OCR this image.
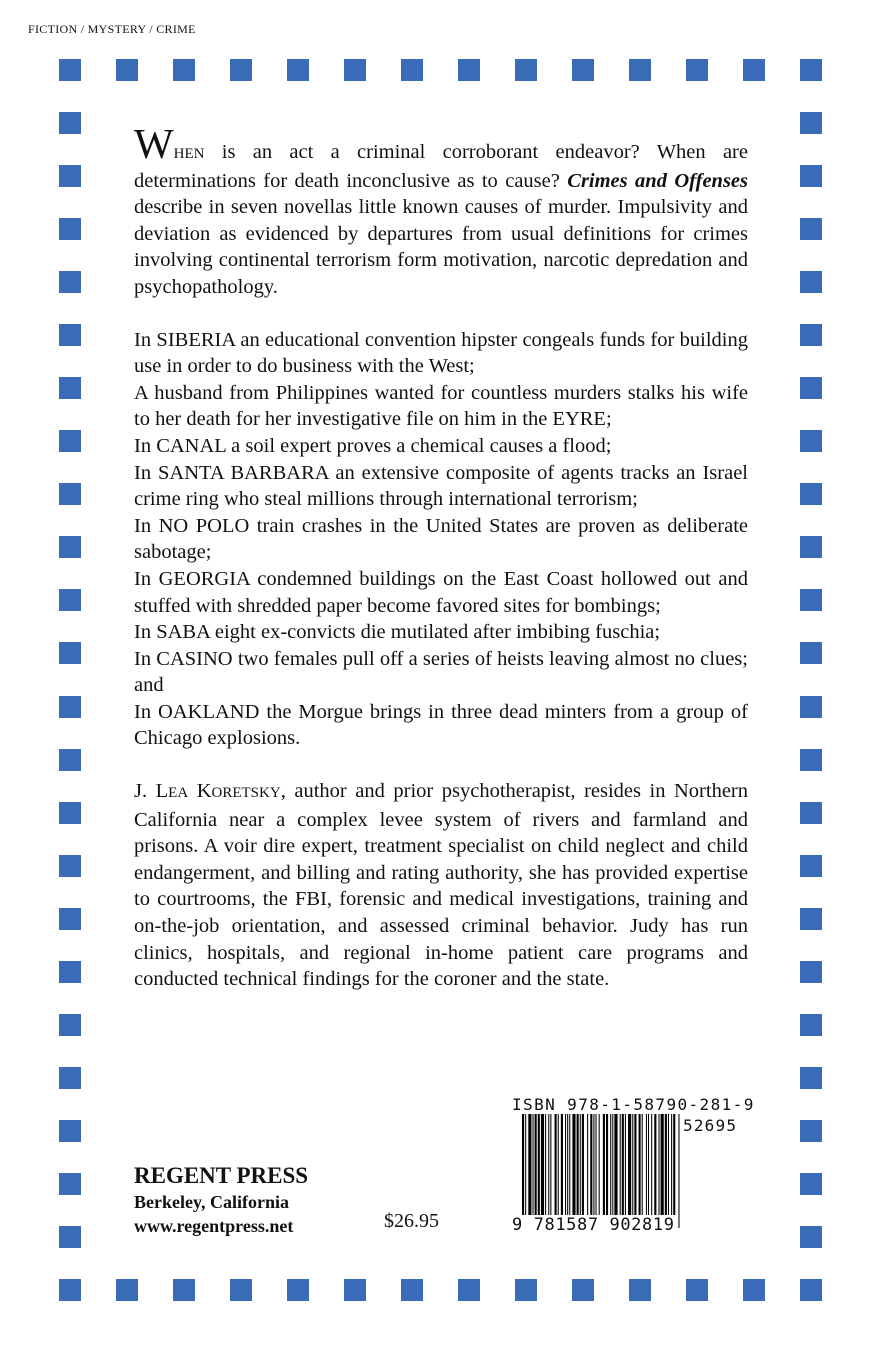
FICTION / MYSTERY / CRIME

WHEN is an act a criminal corroborant endeavor? When are determinations for death inconclusive as to cause? Crimes and Offenses describe in seven novellas little known causes of murder. Impulsivity and deviation as evidenced by departures from usual definitions for crimes involving continental terrorism form motivation, narcotic depredation and psychopathology.

In SIBERIA an educational convention hipster congeals funds for building use in order to do business with the West;

A husband from Philippines wanted for countless murders stalks his wife to her death for her investigative file on him in the EYRE;

In CANAL a soil expert proves a chemical causes a flood;

In SANTA BARBARA an extensive composite of agents tracks an Israel crime ring who steal millions through international terrorism;

In NO POLO train crashes in the United States are proven as deliberate sabotage;

In GEORGIA condemned buildings on the East Coast hollowed out and stuffed with shredded paper become favored sites for bombings;

In SABA eight ex-convicts die mutilated after imbibing fuschia;

In CASINO two females pull off a series of heists leaving almost no clues; and

In OAKLAND the Morgue brings in three dead minters from a group of Chicago explosions.

J. LEA KORETSKY, author and prior psychotherapist, resides in Northern California near a complex levee system of rivers and farmland and prisons. A voir dire expert, treatment specialist on child neglect and child endangerment, and billing and rating authority, she has provided expertise to courtrooms, the FBI, forensic and medical investigations, training and on-the-job orientation, and assessed criminal behavior. Judy has run clinics, hospitals, and regional in-home patient care programs and conducted technical findings for the coroner and the state.

REGENT PRESS
Berkeley, California
www.regentpress.net	$26.95
ISBN 978-1-58790-281-9
52695
9 781587 902819
